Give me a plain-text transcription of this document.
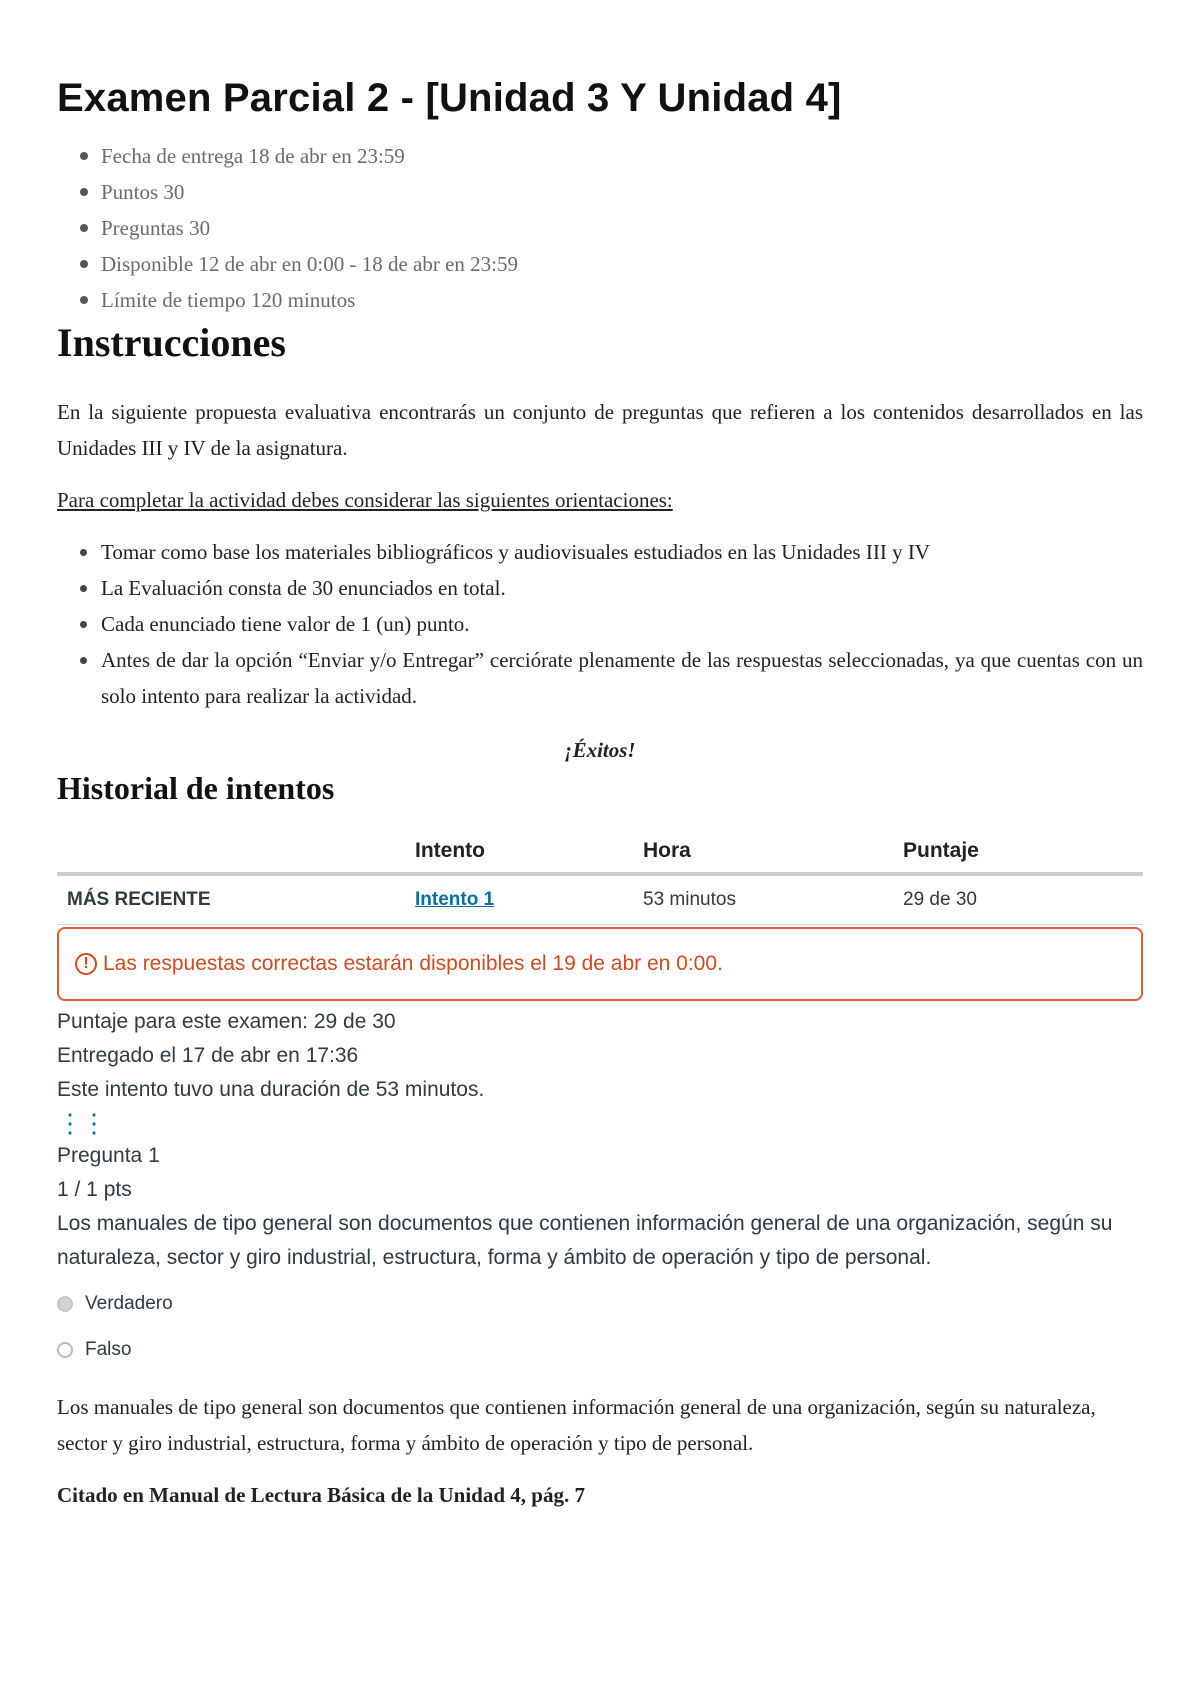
Examen Parcial 2 - [Unidad 3 Y Unidad 4]
Fecha de entrega 18 de abr en 23:59
Puntos 30
Preguntas 30
Disponible 12 de abr en 0:00 - 18 de abr en 23:59
Límite de tiempo 120 minutos
Instrucciones

En la siguiente propuesta evaluativa encontrarás un conjunto de preguntas que refieren a los contenidos desarrollados en las Unidades III y IV de la asignatura.

Para completar la actividad debes considerar las siguientes orientaciones:

Tomar como base los materiales bibliográficos y audiovisuales estudiados en las Unidades III y IV
La Evaluación consta de 30 enunciados en total.
Cada enunciado tiene valor de 1 (un) punto.
Antes de dar la opción “Enviar y/o Entregar” cerciórate plenamente de las respuestas seleccionadas, ya que cuentas con un solo intento para realizar la actividad.
¡Éxitos!
Historial de intentos
	Intento	Hora	Puntaje
MÁS RECIENTE	Intento 1	53 minutos	29 de 30
! Las respuestas correctas estarán disponibles el 19 de abr en 0:00.
Puntaje para este examen: 29 de 30
Entregado el 17 de abr en 17:36
Este intento tuvo una duración de 53 minutos.
⋮⋮
Pregunta 1
1 / 1 pts
Los manuales de tipo general son documentos que contienen información general de una organización, según su naturaleza, sector y giro industrial, estructura, forma y ámbito de operación y tipo de personal.
Verdadero
Falso
Los manuales de tipo general son documentos que contienen información general de una organización, según su naturaleza, sector y giro industrial, estructura, forma y ámbito de operación y tipo de personal.
Citado en Manual de Lectura Básica de la Unidad 4, pág. 7
